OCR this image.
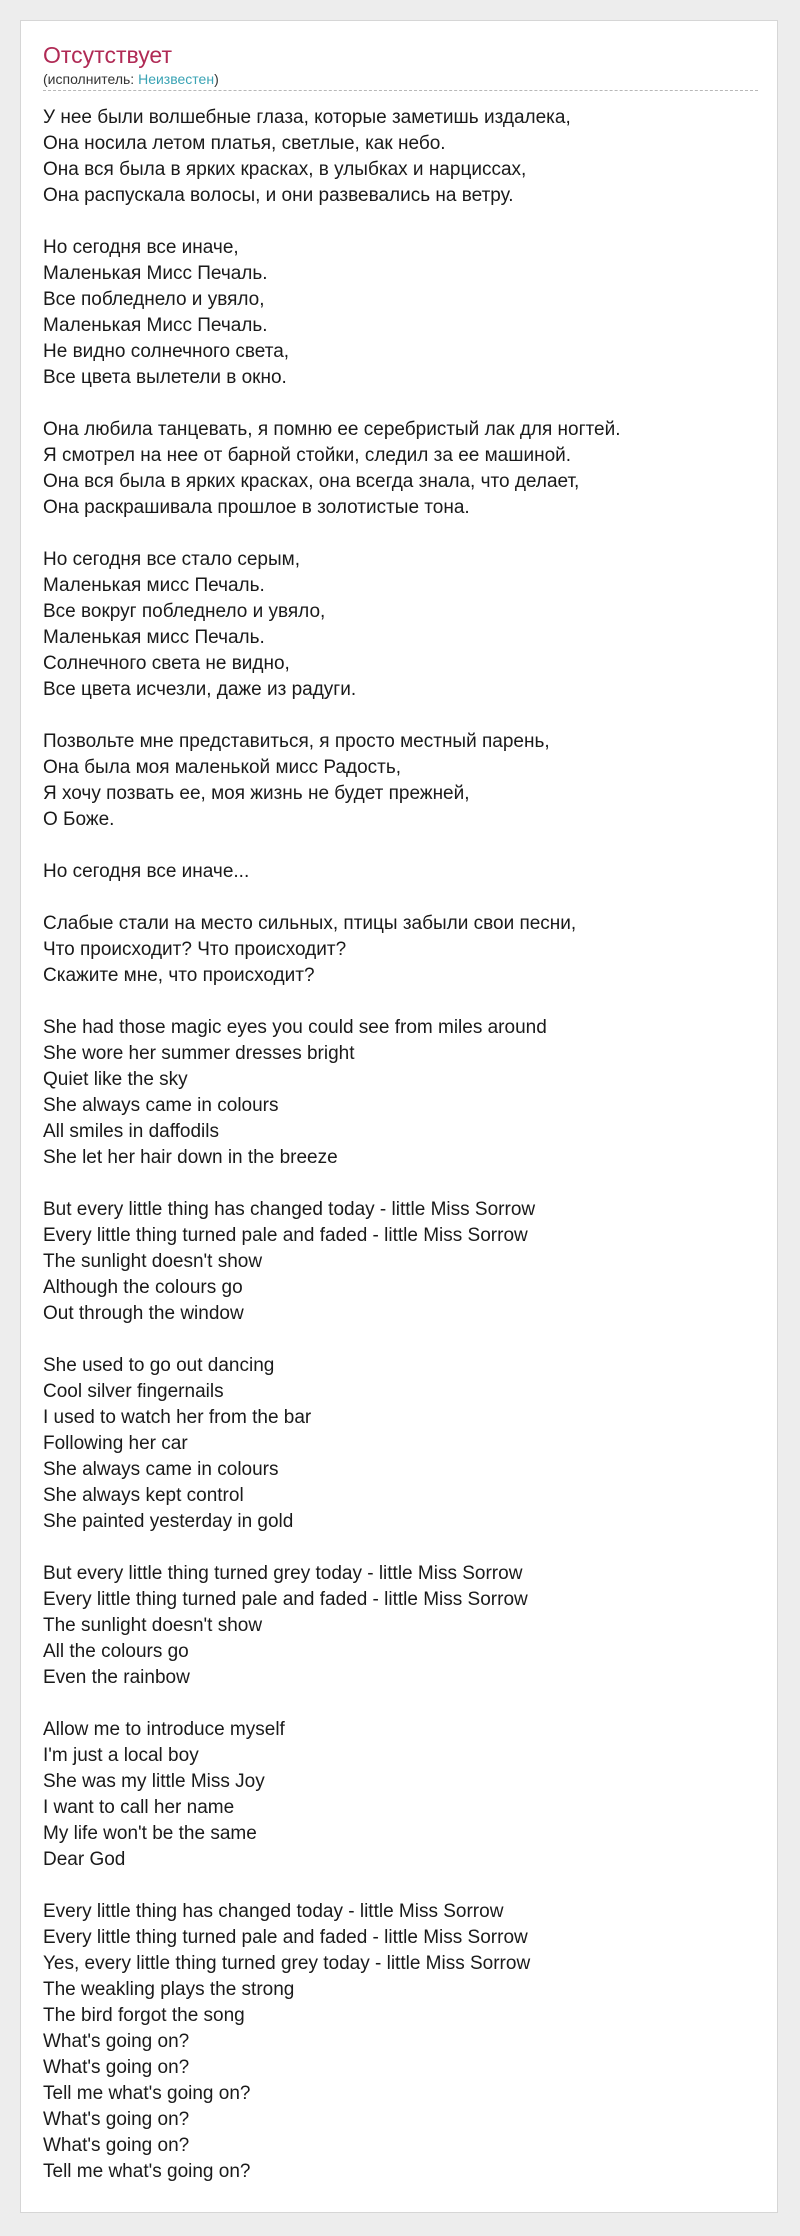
Отсутствует
(исполнитель: Неизвестен)
У нее были волшебные глаза, которые заметишь издалека,
Она носила летом платья, светлые, как небо.
Она вся была в ярких красках, в улыбках и нарциссах,
Она распускала волосы, и они развевались на ветру.
Но сегодня все иначе,
Маленькая Мисс Печаль.
Все побледнело и увяло,
Маленькая Мисс Печаль.
Не видно солнечного света,
Все цвета вылетели в окно.
Она любила танцевать, я помню ее серебристый лак для ногтей.
Я смотрел на нее от барной стойки, следил за ее машиной.
Она вся была в ярких красках, она всегда знала, что делает,
Она раскрашивала прошлое в золотистые тона.
Но сегодня все стало серым,
Маленькая мисс Печаль.
Все вокруг побледнело и увяло,
Маленькая мисс Печаль.
Солнечного света не видно,
Все цвета исчезли, даже из радуги.
Позвольте мне представиться, я просто местный парень,
Она была моя маленькой мисс Радость,
Я хочу позвать ее, моя жизнь не будет прежней,
О Боже.
Но сегодня все иначе...
Слабые стали на место сильных, птицы забыли свои песни,
Что происходит? Что происходит?
Скажите мне, что происходит?
She had those magic eyes you could see from miles around
She wore her summer dresses bright
Quiet like the sky
She always came in colours
All smiles in daffodils
She let her hair down in the breeze
But every little thing has changed today - little Miss Sorrow
Every little thing turned pale and faded - little Miss Sorrow
The sunlight doesn't show
Although the colours go
Out through the window
She used to go out dancing
Cool silver fingernails
I used to watch her from the bar
Following her car
She always came in colours
She always kept control
She painted yesterday in gold
But every little thing turned grey today - little Miss Sorrow
Every little thing turned pale and faded - little Miss Sorrow
The sunlight doesn't show
All the colours go
Even the rainbow
Allow me to introduce myself
I'm just a local boy
She was my little Miss Joy
I want to call her name
My life won't be the same
Dear God
Every little thing has changed today - little Miss Sorrow
Every little thing turned pale and faded - little Miss Sorrow
Yes, every little thing turned grey today - little Miss Sorrow
The weakling plays the strong
The bird forgot the song
What's going on?
What's going on?
Tell me what's going on?
What's going on?
What's going on?
Tell me what's going on?
